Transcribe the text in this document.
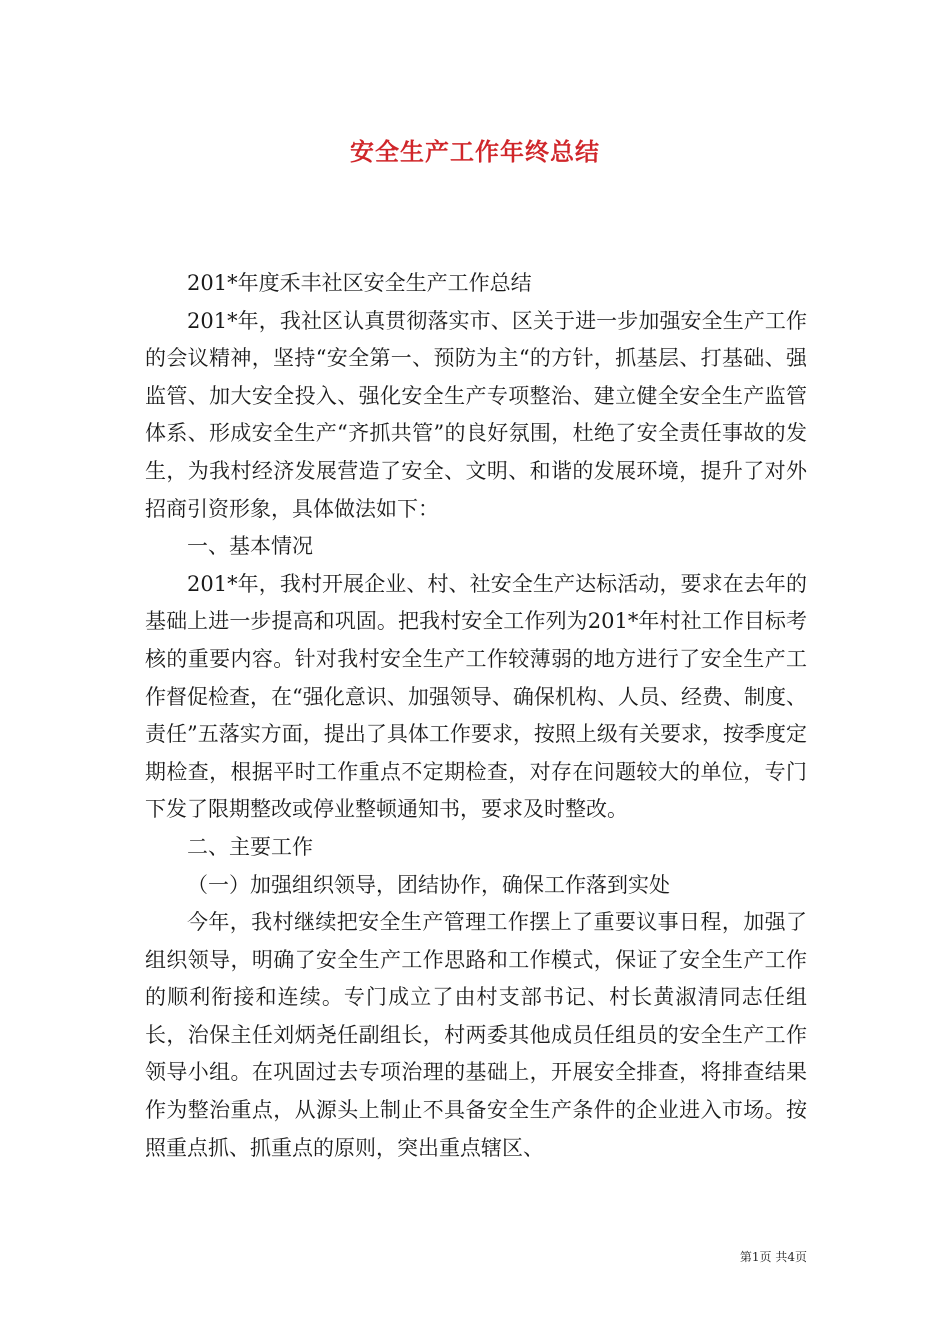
安全生产工作年终总结

201*年度禾丰社区安全生产工作总结

201*年，我社区认真贯彻落实市、区关于进一步加强安全生产工作的会议精神，坚持“安全第一、预防为主“的方针，抓基层、打基础、强监管、加大安全投入、强化安全生产专项整治、建立健全安全生产监管体系、形成安全生产“齐抓共管”的良好氛围，杜绝了安全责任事故的发生，为我村经济发展营造了安全、文明、和谐的发展环境，提升了对外招商引资形象，具体做法如下：

一、基本情况

201*年，我村开展企业、村、社安全生产达标活动，要求在去年的基础上进一步提高和巩固。把我村安全工作列为201*年村社工作目标考核的重要内容。针对我村安全生产工作较薄弱的地方进行了安全生产工作督促检查，在“强化意识、加强领导、确保机构、人员、经费、制度、责任”五落实方面，提出了具体工作要求，按照上级有关要求，按季度定期检查，根据平时工作重点不定期检查，对存在问题较大的单位，专门下发了限期整改或停业整顿通知书，要求及时整改。

二、主要工作

（一）加强组织领导，团结协作，确保工作落到实处

今年，我村继续把安全生产管理工作摆上了重要议事日程，加强了组织领导，明确了安全生产工作思路和工作模式，保证了安全生产工作的顺利衔接和连续。专门成立了由村支部书记、村长黄淑清同志任组长，治保主任刘炳尧任副组长，村两委其他成员任组员的安全生产工作领导小组。在巩固过去专项治理的基础上，开展安全排查，将排查结果作为整治重点，从源头上制止不具备安全生产条件的企业进入市场。按照重点抓、抓重点的原则，突出重点辖区、

第1页 共4页
